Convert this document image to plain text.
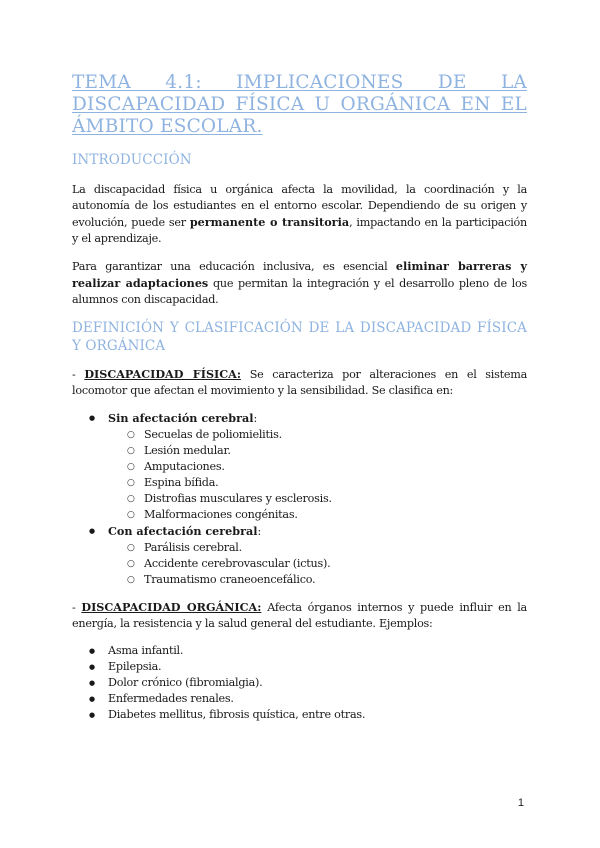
TEMA 4.1: IMPLICACIONES DE LA DISCAPACIDAD FÍSICA U ORGÁNICA EN EL ÁMBITO ESCOLAR.
INTRODUCCIÓN

La discapacidad física u orgánica afecta la movilidad, la coordinación y la autonomía de los estudiantes en el entorno escolar. Dependiendo de su origen y evolución, puede ser permanente o transitoria, impactando en la participación y el aprendizaje.

Para garantizar una educación inclusiva, es esencial eliminar barreras y realizar adaptaciones que permitan la integración y el desarrollo pleno de los alumnos con discapacidad.

DEFINICIÓN Y CLASIFICACIÓN DE LA DISCAPACIDAD FÍSICA Y ORGÁNICA

- DISCAPACIDAD FÍSICA: Se caracteriza por alteraciones en el sistema locomotor que afectan el movimiento y la sensibilidad. Se clasifica en:

● Sin afectación cerebral:
○ Secuelas de poliomielitis.
○ Lesión medular.
○ Amputaciones.
○ Espina bífida.
○ Distrofias musculares y esclerosis.
○ Malformaciones congénitas.
● Con afectación cerebral:
○ Parálisis cerebral.
○ Accidente cerebrovascular (ictus).
○ Traumatismo craneoencefálico.

- DISCAPACIDAD ORGÁNICA: Afecta órganos internos y puede influir en la energía, la resistencia y la salud general del estudiante. Ejemplos:

● Asma infantil.
● Epilepsia.
● Dolor crónico (fibromialgia).
● Enfermedades renales.
● Diabetes mellitus, fibrosis quística, entre otras.
1
